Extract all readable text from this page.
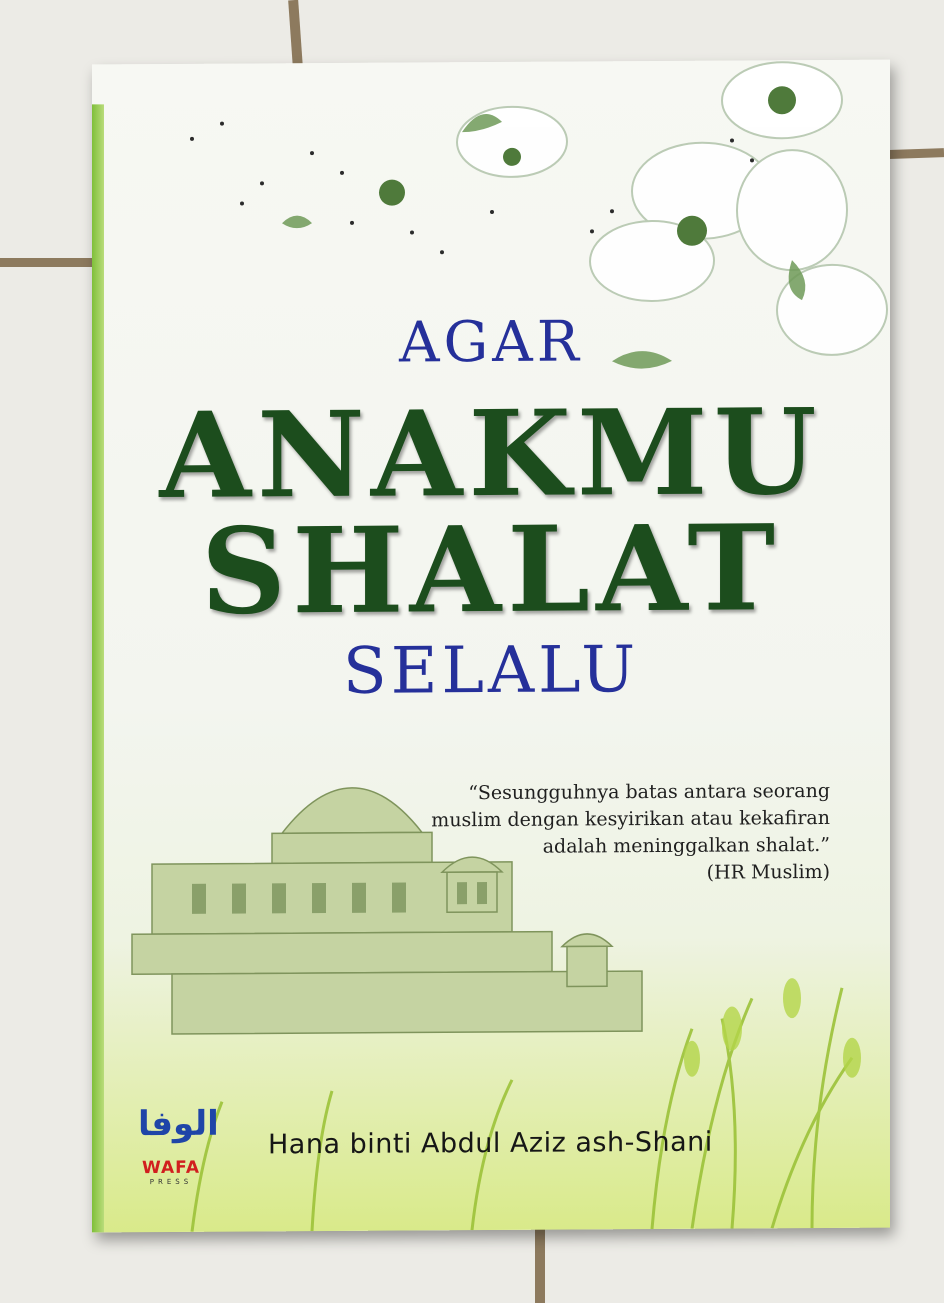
AGAR
ANAKMU
SHALAT
SELALU
“Sesungguhnya batas antara seorang
muslim dengan kesyirikan atau kekafiran
adalah meninggalkan shalat.”
(HR Muslim)
الوفا
WAFA
PRESS
Hana binti Abdul Aziz ash-Shani
